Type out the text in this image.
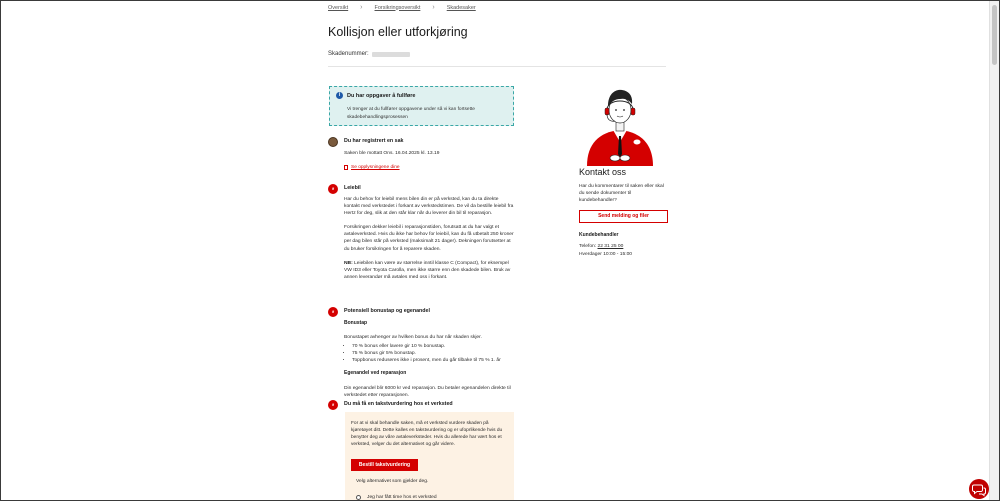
Oversikt › Forsikringsoversikt › Skadesaker
Kollisjon eller utforkjøring
Skadenummer:
i	Du har oppgaver å fullføre
Vi trenger at du fullfører oppgavene under så vi kan fortsette skadebehandlingsprosessen
Du har registrert en sak

Saken ble mottatt Ons. 16.04.2025 kl. 13.19

Se opplysningene dine
if	Leiebil

Har du behov for leiebil mens bilen din er på verksted, kan du ta direkte kontakt med verkstedet i forkant av verkstedstimen. De vil da bestille leiebil fra Hertz for deg, slik at den står klar når du leverer din bil til reparasjon.

Forsikringen dekker leiebil i reparasjonstiden, forutsatt at du har valgt et avtaleverksted. Hvis du ikke har behov for leiebil, kan du få utbetalt 250 kroner per dag bilen står på verksted (maksimalt 21 dager). Dekningen forutsetter at du bruker forsikringen for å reparere skaden.

NB: Leiebilen kan være av størrelse inntil klasse C (Compact), for eksempel VW ID3 eller Toyota Carolla, men ikke større enn den skadede bilen. Bruk av annen leverandør må avtales med oss i forkant.

if	Potensiell bonustap og egenandel

Bonustap

Bonustapet avhenger av hvilken bonus du har når skaden skjer.

• 70 % bonus eller lavere gir 10 % bonustap.
• 75 % bonus gir 5% bonustap.
• Toppbonus reduseres ikke i prosent, men du går tilbake til 75 % 1. år

Egenandel ved reparasjon

Din egenandel blir 6000 kr ved reparasjon. Du betaler egenandelen direkte til verkstedet etter reparasjonen.

if	Du må få en takstvurdering hos et verksted
For at vi skal behandle saken, må et verksted vurdere skaden på kjøretøyet ditt. Dette kalles en takstvurdering og er ufoprlikende hvis du benytter deg av våre avtaleverksteder. Hvis du allerede har vært hos et verksted, velger du det alternativet og går videre.
Bestill takstvurdering
Velg alternativet som gjelder deg.
Jeg har fått time hos et verksted
Kontakt oss
Har du kommentarer til saken eller skal du sende dokumenter til kundebehandler?
Send melding og filer
Kundebehandler
Telefon: 22 31 25 00
Hverdager 10:00 - 15:00
